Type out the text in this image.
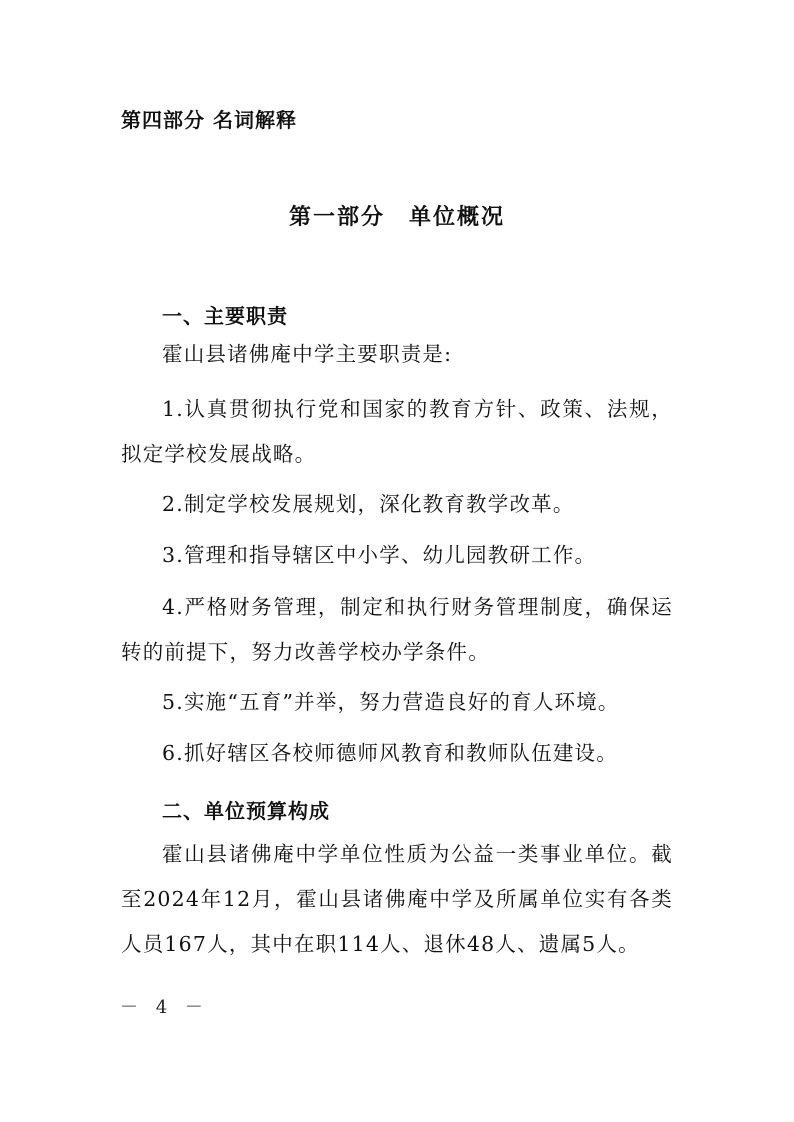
第四部分 名词解释
第一部分　单位概况
一、主要职责
霍山县诸佛庵中学主要职责是:
1.认真贯彻执行党和国家的教育方针、政策、法规，拟定学校发展战略。
2.制定学校发展规划，深化教育教学改革。
3.管理和指导辖区中小学、幼儿园教研工作。
4.严格财务管理，制定和执行财务管理制度，确保运转的前提下，努力改善学校办学条件。
5.实施“五育”并举，努力营造良好的育人环境。
6.抓好辖区各校师德师风教育和教师队伍建设。
二、单位预算构成
霍山县诸佛庵中学单位性质为公益一类事业单位。截至2024年12月，霍山县诸佛庵中学及所属单位实有各类人员167人，其中在职114人、退休48人、遗属5人。
－ 4 －
